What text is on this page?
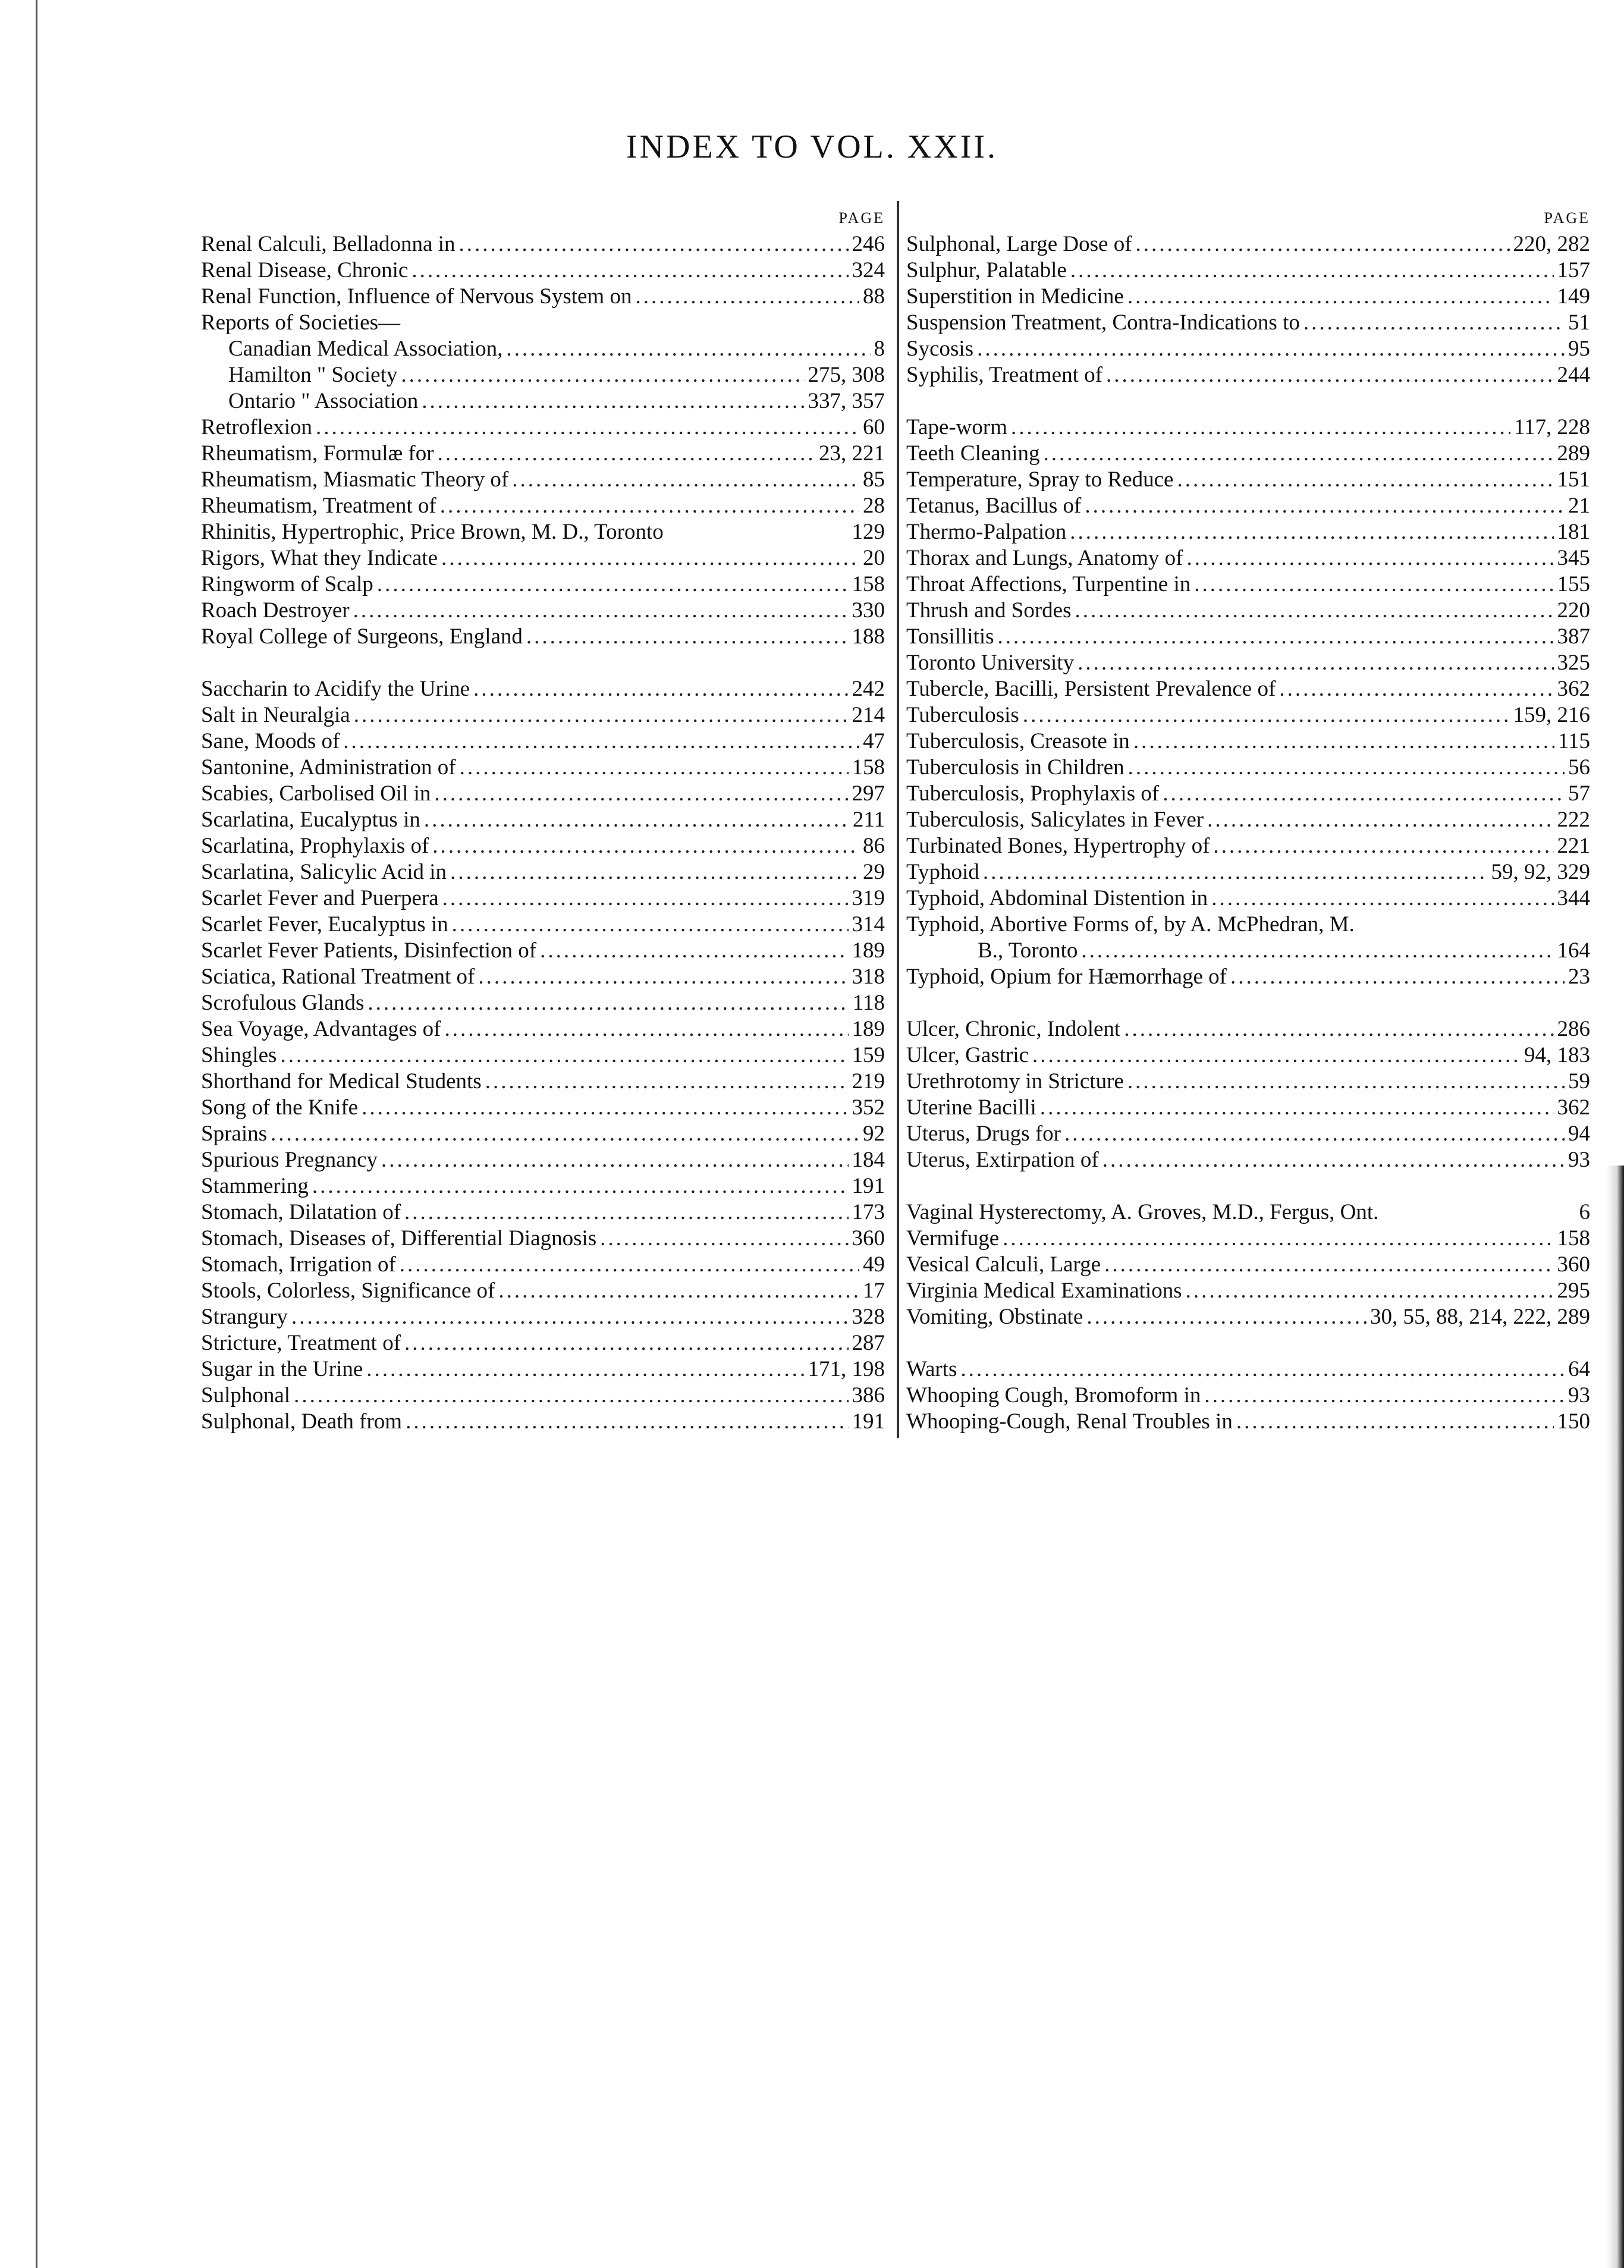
INDEX TO VOL. XXII.
PAGE
Renal Calculi, Belladonna in .....	246
Renal Disease, Chronic .....	324
Renal Function, Influence of Nervous System on .....	88
Reports of Societies—
Canadian Medical Association, .....	8
Hamilton " Society .....	275, 308
Ontario " Association .....	337, 357
Retroflexion .....	60
Rheumatism, Formulæ for .....	23, 221
Rheumatism, Miasmatic Theory of .....	85
Rheumatism, Treatment of .....	28
Rhinitis, Hypertrophic, Price Brown, M. D., Toronto	129
Rigors, What they Indicate .....	20
Ringworm of Scalp .....	158
Roach Destroyer .....	330
Royal College of Surgeons, England .....	188
Saccharin to Acidify the Urine .....	242
Salt in Neuralgia .....	214
Sane, Moods of .....	47
Santonine, Administration of .....	158
Scabies, Carbolised Oil in .....	297
Scarlatina, Eucalyptus in .....	211
Scarlatina, Prophylaxis of .....	86
Scarlatina, Salicylic Acid in .....	29
Scarlet Fever and Puerpera .....	319
Scarlet Fever, Eucalyptus in .....	314
Scarlet Fever Patients, Disinfection of .....	189
Sciatica, Rational Treatment of .....	318
Scrofulous Glands .....	118
Sea Voyage, Advantages of .....	189
Shingles .....	159
Shorthand for Medical Students .....	219
Song of the Knife .....	352
Sprains .....	92
Spurious Pregnancy .....	184
Stammering .....	191
Stomach, Dilatation of .....	173
Stomach, Diseases of, Differential Diagnosis .....	360
Stomach, Irrigation of .....	49
Stools, Colorless, Significance of .....	17
Strangury .....	328
Stricture, Treatment of .....	287
Sugar in the Urine .....	171, 198
Sulphonal .....	386
Sulphonal, Death from .....	191
PAGE
Sulphonal, Large Dose of .....	220, 282
Sulphur, Palatable .....	157
Superstition in Medicine .....	149
Suspension Treatment, Contra-Indications to .....	51
Sycosis .....	95
Syphilis, Treatment of .....	244
Tape-worm .....	117, 228
Teeth Cleaning .....	289
Temperature, Spray to Reduce .....	151
Tetanus, Bacillus of .....	21
Thermo-Palpation .....	181
Thorax and Lungs, Anatomy of .....	345
Throat Affections, Turpentine in .....	155
Thrush and Sordes .....	220
Tonsillitis .....	387
Toronto University .....	325
Tubercle, Bacilli, Persistent Prevalence of .....	362
Tuberculosis .....	159, 216
Tuberculosis, Creasote in .....	115
Tuberculosis in Children .....	56
Tuberculosis, Prophylaxis of .....	57
Tuberculosis, Salicylates in Fever .....	222
Turbinated Bones, Hypertrophy of .....	221
Typhoid .....	59, 92, 329
Typhoid, Abdominal Distention in .....	344
Typhoid, Abortive Forms of, by A. McPhedran, M.
B., Toronto .....	164
Typhoid, Opium for Hæmorrhage of .....	23
Ulcer, Chronic, Indolent .....	286
Ulcer, Gastric .....	94, 183
Urethrotomy in Stricture .....	59
Uterine Bacilli .....	362
Uterus, Drugs for .....	94
Uterus, Extirpation of .....	93
Vaginal Hysterectomy, A. Groves, M.D., Fergus, Ont.	6
Vermifuge .....	158
Vesical Calculi, Large .....	360
Virginia Medical Examinations .....	295
Vomiting, Obstinate .....	30, 55, 88, 214, 222, 289
Warts .....	64
Whooping Cough, Bromoform in .....	93
Whooping-Cough, Renal Troubles in .....	150
